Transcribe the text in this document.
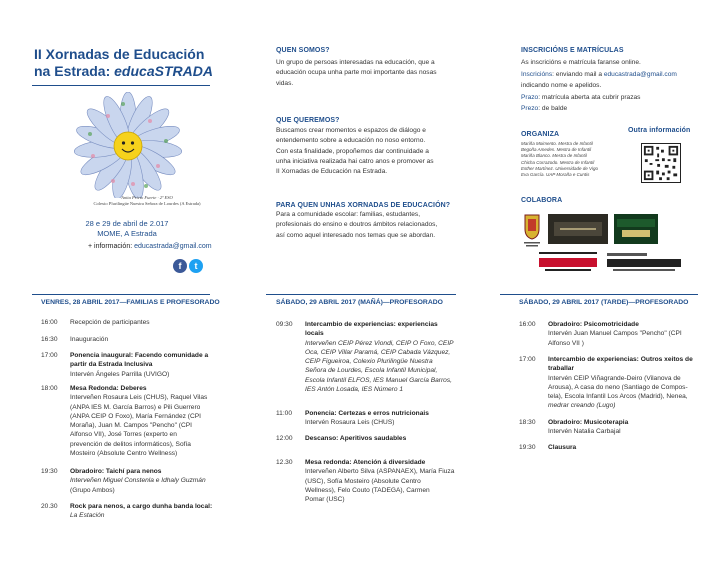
II Xornadas de Educación
na Estrada: educaSTRADA
Anita Prieto Fuerte · 2º ESO
Colexio Plurilingüe Nuestra Señora de Lourdes (A Estrada)
28 e 29 de abril de 2.017
MOME, A Estrada
+ información: educastrada@gmail.com
f t
QUEN SOMOS?
Un grupo de persoas interesadas na educación, que a
educación ocupa unha parte moi importante das nosas
vidas.
QUE QUEREMOS?
Buscamos crear momentos e espazos de diálogo e
entendemento sobre a educación no noso entorno.
Con esta finalidade, propoñemos dar continuidade a
unha iniciativa realizada hai catro anos e promover as
II Xornadas de Educación na Estrada.
PARA QUEN UNHAS XORNADAS DE EDUCACIÓN?
Para a comunidade escolar: familias, estudantes,
profesionais do ensino e doutros ámbitos relacionados,
así como aquel interesado nos temas que se abordan.
INSCRICIÓNS E MATRÍCULAS
As inscricións e matrícula faranse online.
Inscricións: enviando mail a educastrada@gmail.com
indicando nome e apelidos.
Prazo: matrícula aberta ata cubrir prazas
Prezo: de balde
ORGANIZA
Mariña Moimento. Mestra de Infantil
Begoña Amedes. Mestra de Infantil
Mariña Blanco. Mestra de Infantil
Chicha Corrazodo. Mestra de Infantil
Esther Martínez. Universidade de Vigo
Eva García. UAP Moraña e Cuntis
Outra información
COLABORA
VENRES, 28 ABRIL 2017—FAMILIAS E PROFESORADO
16:00	Recepción de participantes
16:30	Inauguración
17:00	Ponencia inaugural: Facendo comunidade a
partir da Estrada Inclusiva
Intervén Ángeles Parrilla (UVIGO)
18:00	Mesa Redonda: Deberes
Interveñen Rosaura Leis (CHUS), Raquel Vilas
(ANPA IES M. García Barros) e Pili Guerrero
(ANPA CEIP O Foxo), María Fernández (CPI
Moraña), Juan M. Campos "Pencho" (CPI
Alfonso VII), José Torres (experto en
prevención de delitos informáticos), Sofía
Mosteiro (Absolute Centro Wellness)
19:30	Obradoiro: Taichí para nenos
Interveñen Miguel Constenla e Idhaly Guzmán
(Grupo Ambos)
20.30	Rock para nenos, a cargo dunha banda local:
La Estación
SÁBADO, 29 ABRIL 2017 (MAÑÁ)—PROFESORADO
09:30	Intercambio de experiencias: experiencias
locais
Interveñen CEIP Pérez Viondi, CEIP O Foxo, CEIP
Oca, CEIP Villar Paramá, CEIP Cabada Vázquez,
CEIP Figueiroa, Colexio Plurilingüe Nuestra
Señora de Lourdes, Escola Infantil Municipal,
Escola Infantil ELFOS, IES Manuel García Barros,
IES Antón Losada, IES Número 1
11:00	Ponencia: Certezas e erros nutricionais
Intervén Rosaura Leis (CHUS)
12:00	Descanso: Aperitivos saudables
12.30	Mesa redonda: Atención á diversidade
Interveñen Alberto Silva (ASPANAEX), María Fiuza
(USC), Sofía Mosteiro (Absolute Centro
Wellness), Felo Couto (TADEGA), Carmen
Pomar (USC)
SÁBADO, 29 ABRIL 2017 (TARDE)—PROFESORADO
16:00	Obradoiro: Psicomotricidade
Intervén Juan Manuel Campos "Pencho" (CPI
Alfonso VII )
17:00	Intercambio de experiencias: Outros xeitos de
traballar
Intervén CEIP Viñagrande-Deiro (Vilanova de
Arousa), A casa do neno (Santiago de Compos-
tela), Escola Infantil Los Arcos (Madrid), Nenea,
medrar creando (Lugo)
18:30	Obradoiro: Musicoterapia
Intervén Natalia Carbajal
19:30	Clausura
